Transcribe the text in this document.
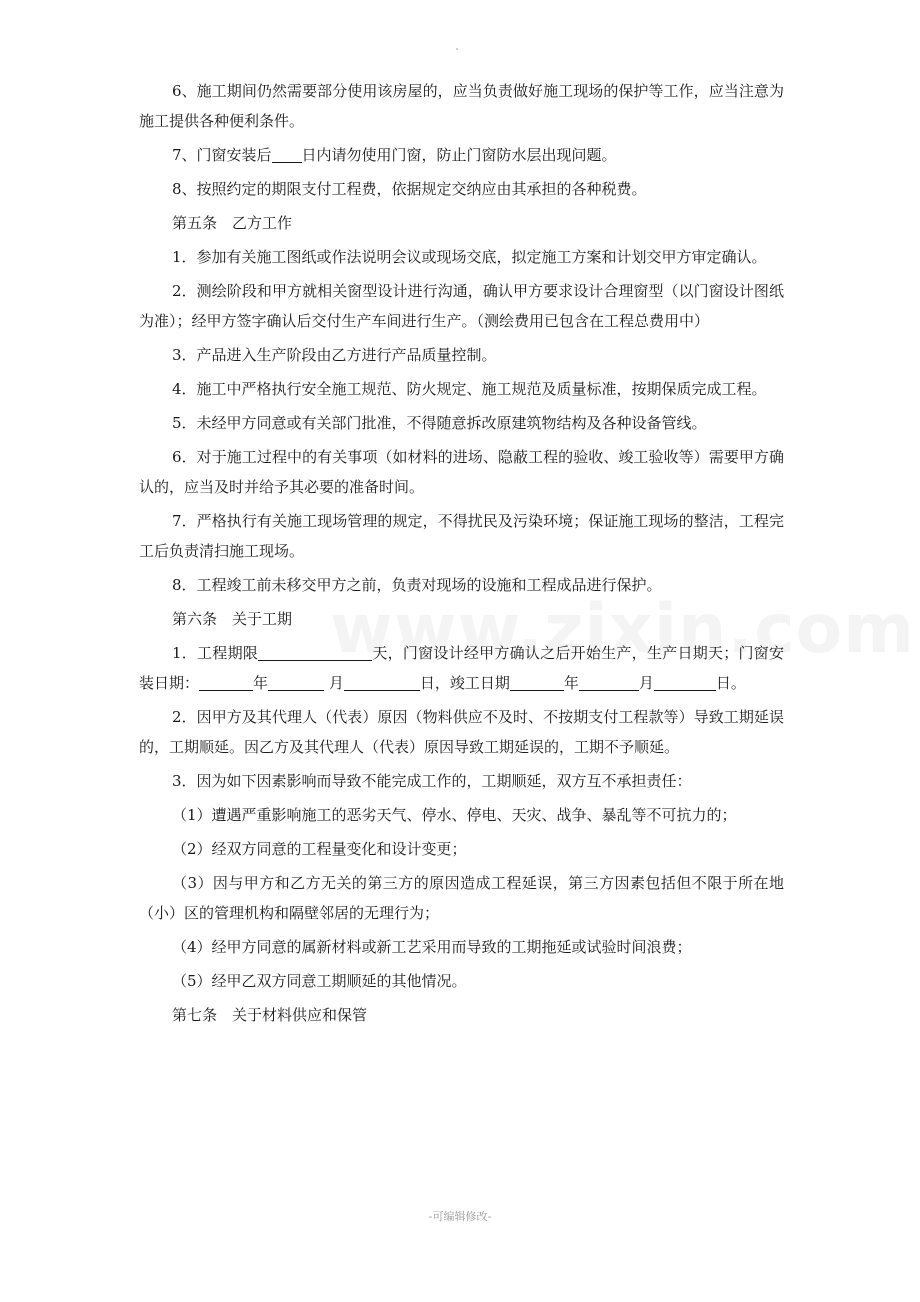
6、施工期间仍然需要部分使用该房屋的，应当负责做好施工现场的保护等工作，应当注意为施工提供各种便利条件。

7、门窗安装后 日内请勿使用门窗，防止门窗防水层出现问题。

8、按照约定的期限支付工程费，依据规定交纳应由其承担的各种税费。

第五条　乙方工作

1．参加有关施工图纸或作法说明会议或现场交底，拟定施工方案和计划交甲方审定确认。

2．测绘阶段和甲方就相关窗型设计进行沟通，确认甲方要求设计合理窗型（以门窗设计图纸为准）；经甲方签字确认后交付生产车间进行生产。（测绘费用已包含在工程总费用中）

3．产品进入生产阶段由乙方进行产品质量控制。

4．施工中严格执行安全施工规范、防火规定、施工规范及质量标准，按期保质完成工程。

5．未经甲方同意或有关部门批准，不得随意拆改原建筑物结构及各种设备管线。

6．对于施工过程中的有关事项（如材料的进场、隐蔽工程的验收、竣工验收等）需要甲方确认的，应当及时并给予其必要的准备时间。

7．严格执行有关施工现场管理的规定，不得扰民及污染环境；保证施工现场的整洁，工程完工后负责清扫施工现场。

8．工程竣工前未移交甲方之前，负责对现场的设施和工程成品进行保护。

第六条　关于工期

1．工程期限	天，门窗设计经甲方确认之后开始生产，生产日期天；门窗安装日期：	年	月	日，竣工日期	年	月	日。

2．因甲方及其代理人（代表）原因（物料供应不及时、不按期支付工程款等）导致工期延误的，工期顺延。因乙方及其代理人（代表）原因导致工期延误的，工期不予顺延。

3．因为如下因素影响而导致不能完成工作的，工期顺延，双方互不承担责任：

（1）遭遇严重影响施工的恶劣天气、停水、停电、天灾、战争、暴乱等不可抗力的；

（2）经双方同意的工程量变化和设计变更；

（3）因与甲方和乙方无关的第三方的原因造成工程延误，第三方因素包括但不限于所在地（小）区的管理机构和隔壁邻居的无理行为；

（4）经甲方同意的属新材料或新工艺采用而导致的工期拖延或试验时间浪费；

（5）经甲乙双方同意工期顺延的其他情况。

第七条　关于材料供应和保管

-可编辑修改-
